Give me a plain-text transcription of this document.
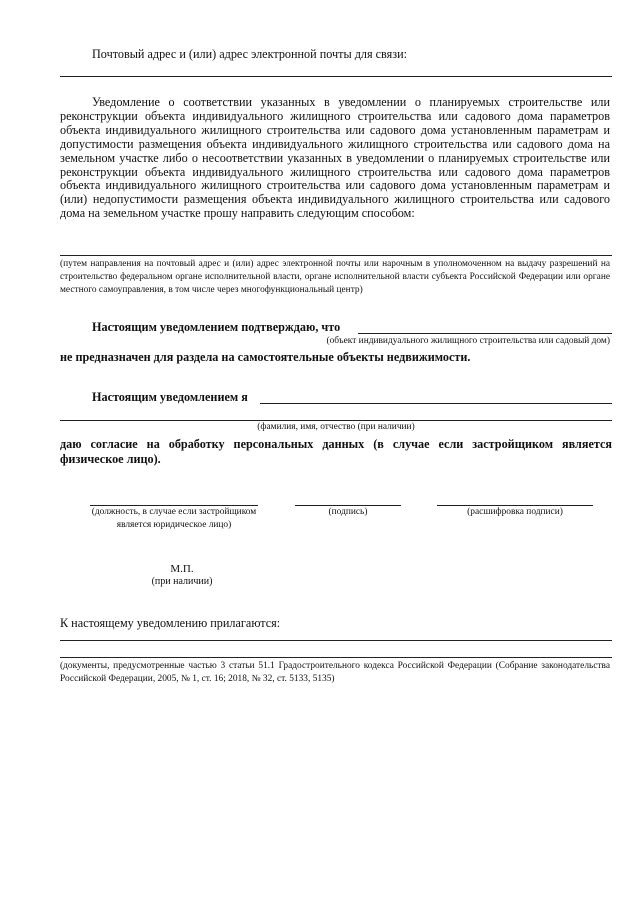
Почтовый адрес и (или) адрес электронной почты для связи:
Уведомление о соответствии указанных в уведомлении о планируемых строительстве или реконструкции объекта индивидуального жилищного строительства или садового дома параметров объекта индивидуального жилищного строительства или садового дома установленным параметрам и допустимости размещения объекта индивидуального жилищного строительства или садового дома на земельном участке либо о несоответствии указанных в уведомлении о планируемых строительстве или реконструкции объекта индивидуального жилищного строительства или садового дома параметров объекта индивидуального жилищного строительства или садового дома установленным параметрам и (или) недопустимости размещения объекта индивидуального жилищного строительства или садового дома на земельном участке прошу направить следующим способом:
(путем направления на почтовый адрес и (или) адрес электронной почты или нарочным в уполномоченном на выдачу разрешений на строительство федеральном органе исполнительной власти, органе исполнительной власти субъекта Российской Федерации или органе местного самоуправления, в том числе через многофункциональный центр)
Настоящим уведомлением подтверждаю, что
(объект индивидуального жилищного строительства или садовый дом)
не предназначен для раздела на самостоятельные объекты недвижимости.
Настоящим уведомлением я
(фамилия, имя, отчество (при наличии)
даю согласие на обработку персональных данных (в случае если застройщиком является физическое лицо).
(должность, в случае если застройщиком является юридическое лицо)
(подпись)	(расшифровка подписи)
М.П.
(при наличии)
К настоящему уведомлению прилагаются:
(документы, предусмотренные частью 3 статьи 51.1 Градостроительного кодекса Российской Федерации (Собрание законодательства Российской Федерации, 2005, № 1, ст. 16; 2018, № 32, ст. 5133, 5135)
